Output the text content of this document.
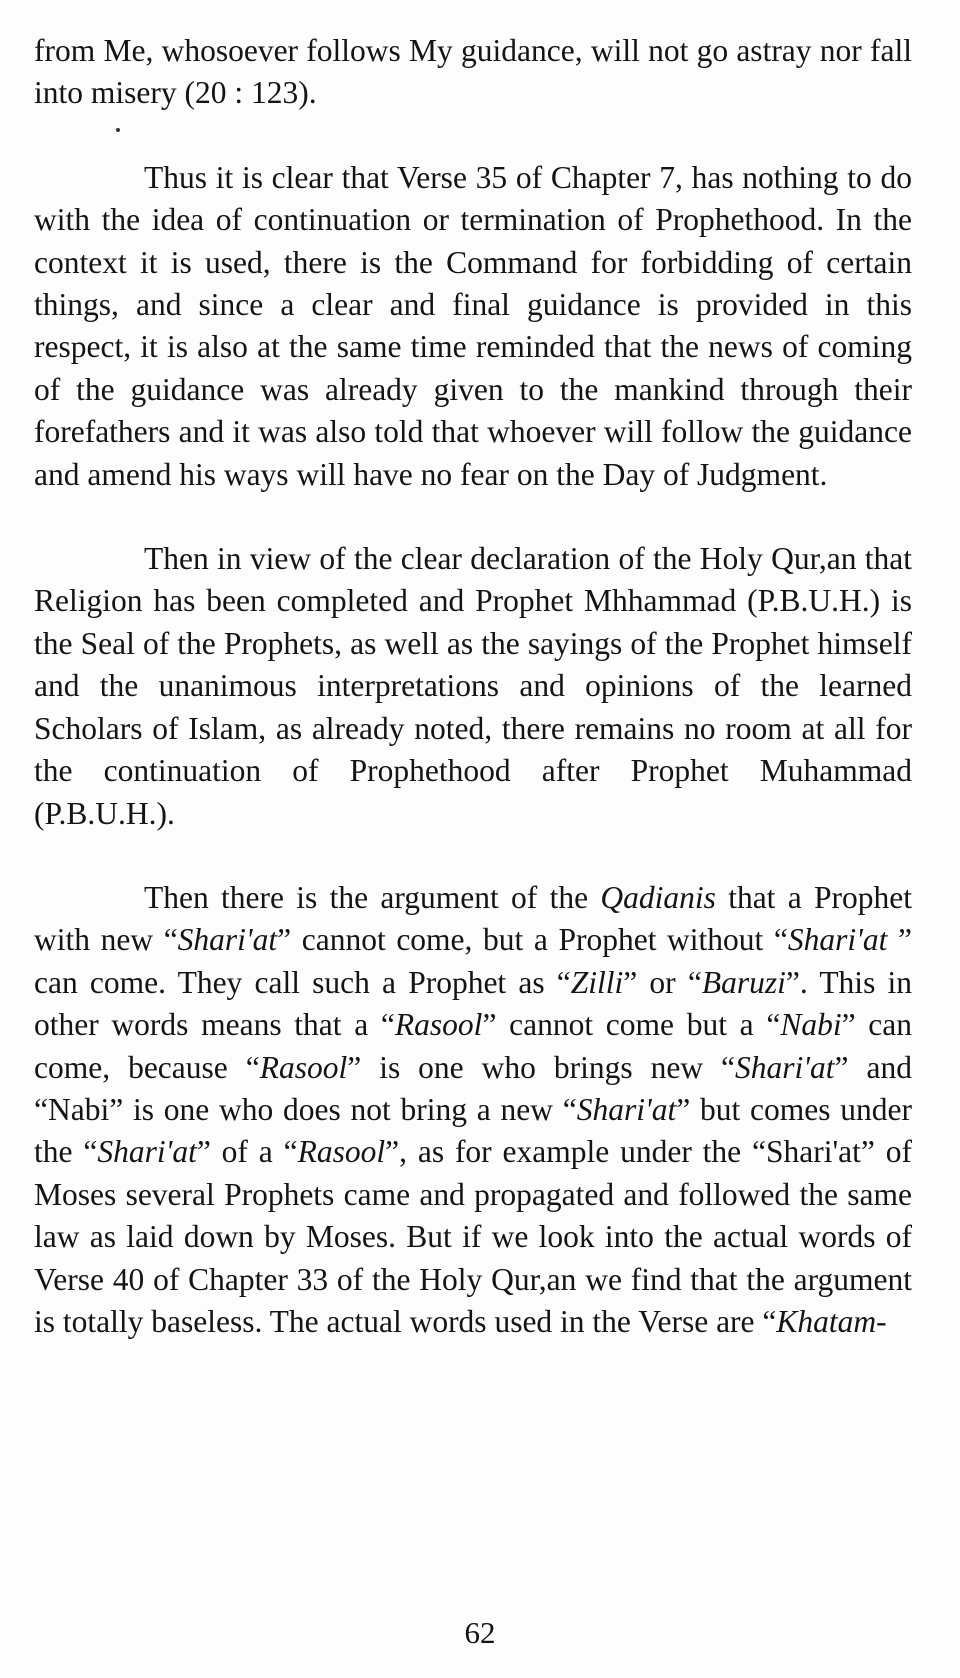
from Me, whosoever follows My guidance, will not go astray nor fall into misery (20 : 123).

Thus it is clear that Verse 35 of Chapter 7, has nothing to do with the idea of continuation or termination of Prophethood. In the context it is used, there is the Command for forbidding of certain things, and since a clear and final guidance is provided in this respect, it is also at the same time reminded that the news of coming of the guidance was already given to the mankind through their forefathers and it was also told that whoever will follow the guidance and amend his ways will have no fear on the Day of Judgment.

Then in view of the clear declaration of the Holy Qur,an that Religion has been completed and Prophet Mhhammad (P.B.U.H.) is the Seal of the Prophets, as well as the sayings of the Prophet himself and the unanimous interpretations and opinions of the learned Scholars of Islam, as already noted, there remains no room at all for the continuation of Prophethood after Prophet Muhammad (P.B.U.H.).

Then there is the argument of the Qadianis that a Prophet with new “Shari'at” cannot come, but a Prophet without “Shari'at ” can come. They call such a Prophet as “Zilli” or “Baruzi”. This in other words means that a “Rasool” cannot come but a “Nabi” can come, because “Rasool” is one who brings new “Shari'at” and “Nabi” is one who does not bring a new “Shari'at” but comes under the “Shari'at” of a “Rasool”, as for example under the “Shari'at” of Moses several Prophets came and propagated and followed the same law as laid down by Moses. But if we look into the actual words of Verse 40 of Chapter 33 of the Holy Qur,an we find that the argument is totally baseless. The actual words used in the Verse are “Khatam-

62
